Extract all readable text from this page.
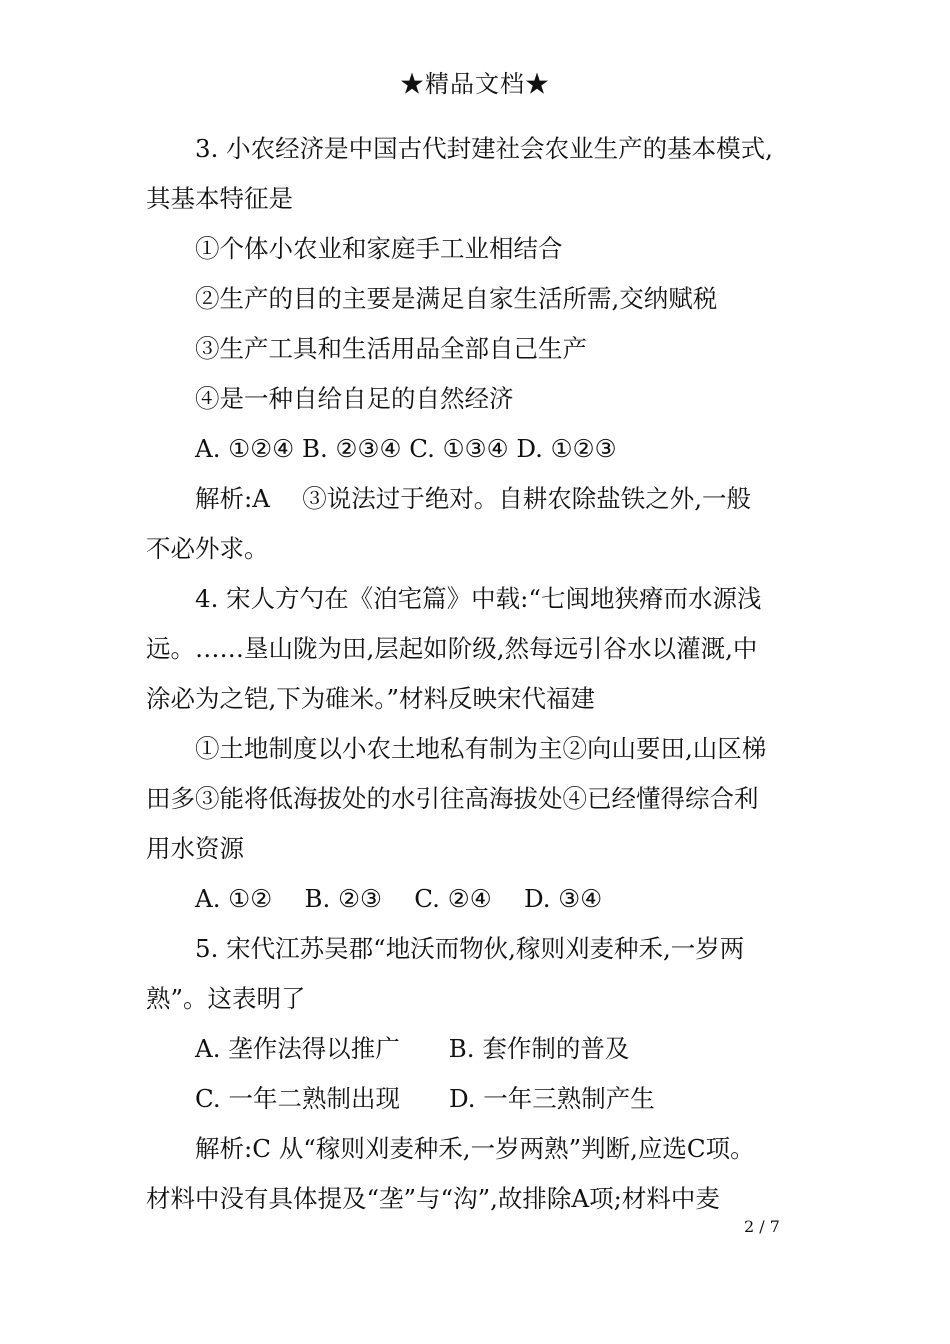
★精品文档★

3. 小农经济是中国古代封建社会农业生产的基本模式,

其基本特征是

①个体小农业和家庭手工业相结合

②生产的目的主要是满足自家生活所需,交纳赋税

③生产工具和生活用品全部自己生产

④是一种自给自足的自然经济

A. ①②④ B. ②③④ C. ①③④ D. ①②③

解析:A　 ③说法过于绝对。自耕农除盐铁之外,一般

不必外求。

4. 宋人方勺在《泊宅篇》中载:“七闽地狭瘠而水源浅

远。……垦山陇为田,层起如阶级,然每远引谷水以灌溉,中

涂必为之铠,下为碓米。”材料反映宋代福建

①土地制度以小农土地私有制为主②向山要田,山区梯

田多③能将低海拔处的水引往高海拔处④已经懂得综合利

用水资源

A. ①②　 B. ②③　 C. ②④　 D. ③④

5. 宋代江苏吴郡“地沃而物伙,稼则刈麦种禾,一岁两

熟”。这表明了

A. 垄作法得以推广　　B. 套作制的普及

C. 一年二熟制出现　　D. 一年三熟制产生

解析:C 从“稼则刈麦种禾,一岁两熟”判断,应选C项。

材料中没有具体提及“垄”与“沟”,故排除A项;材料中麦

2 / 7
